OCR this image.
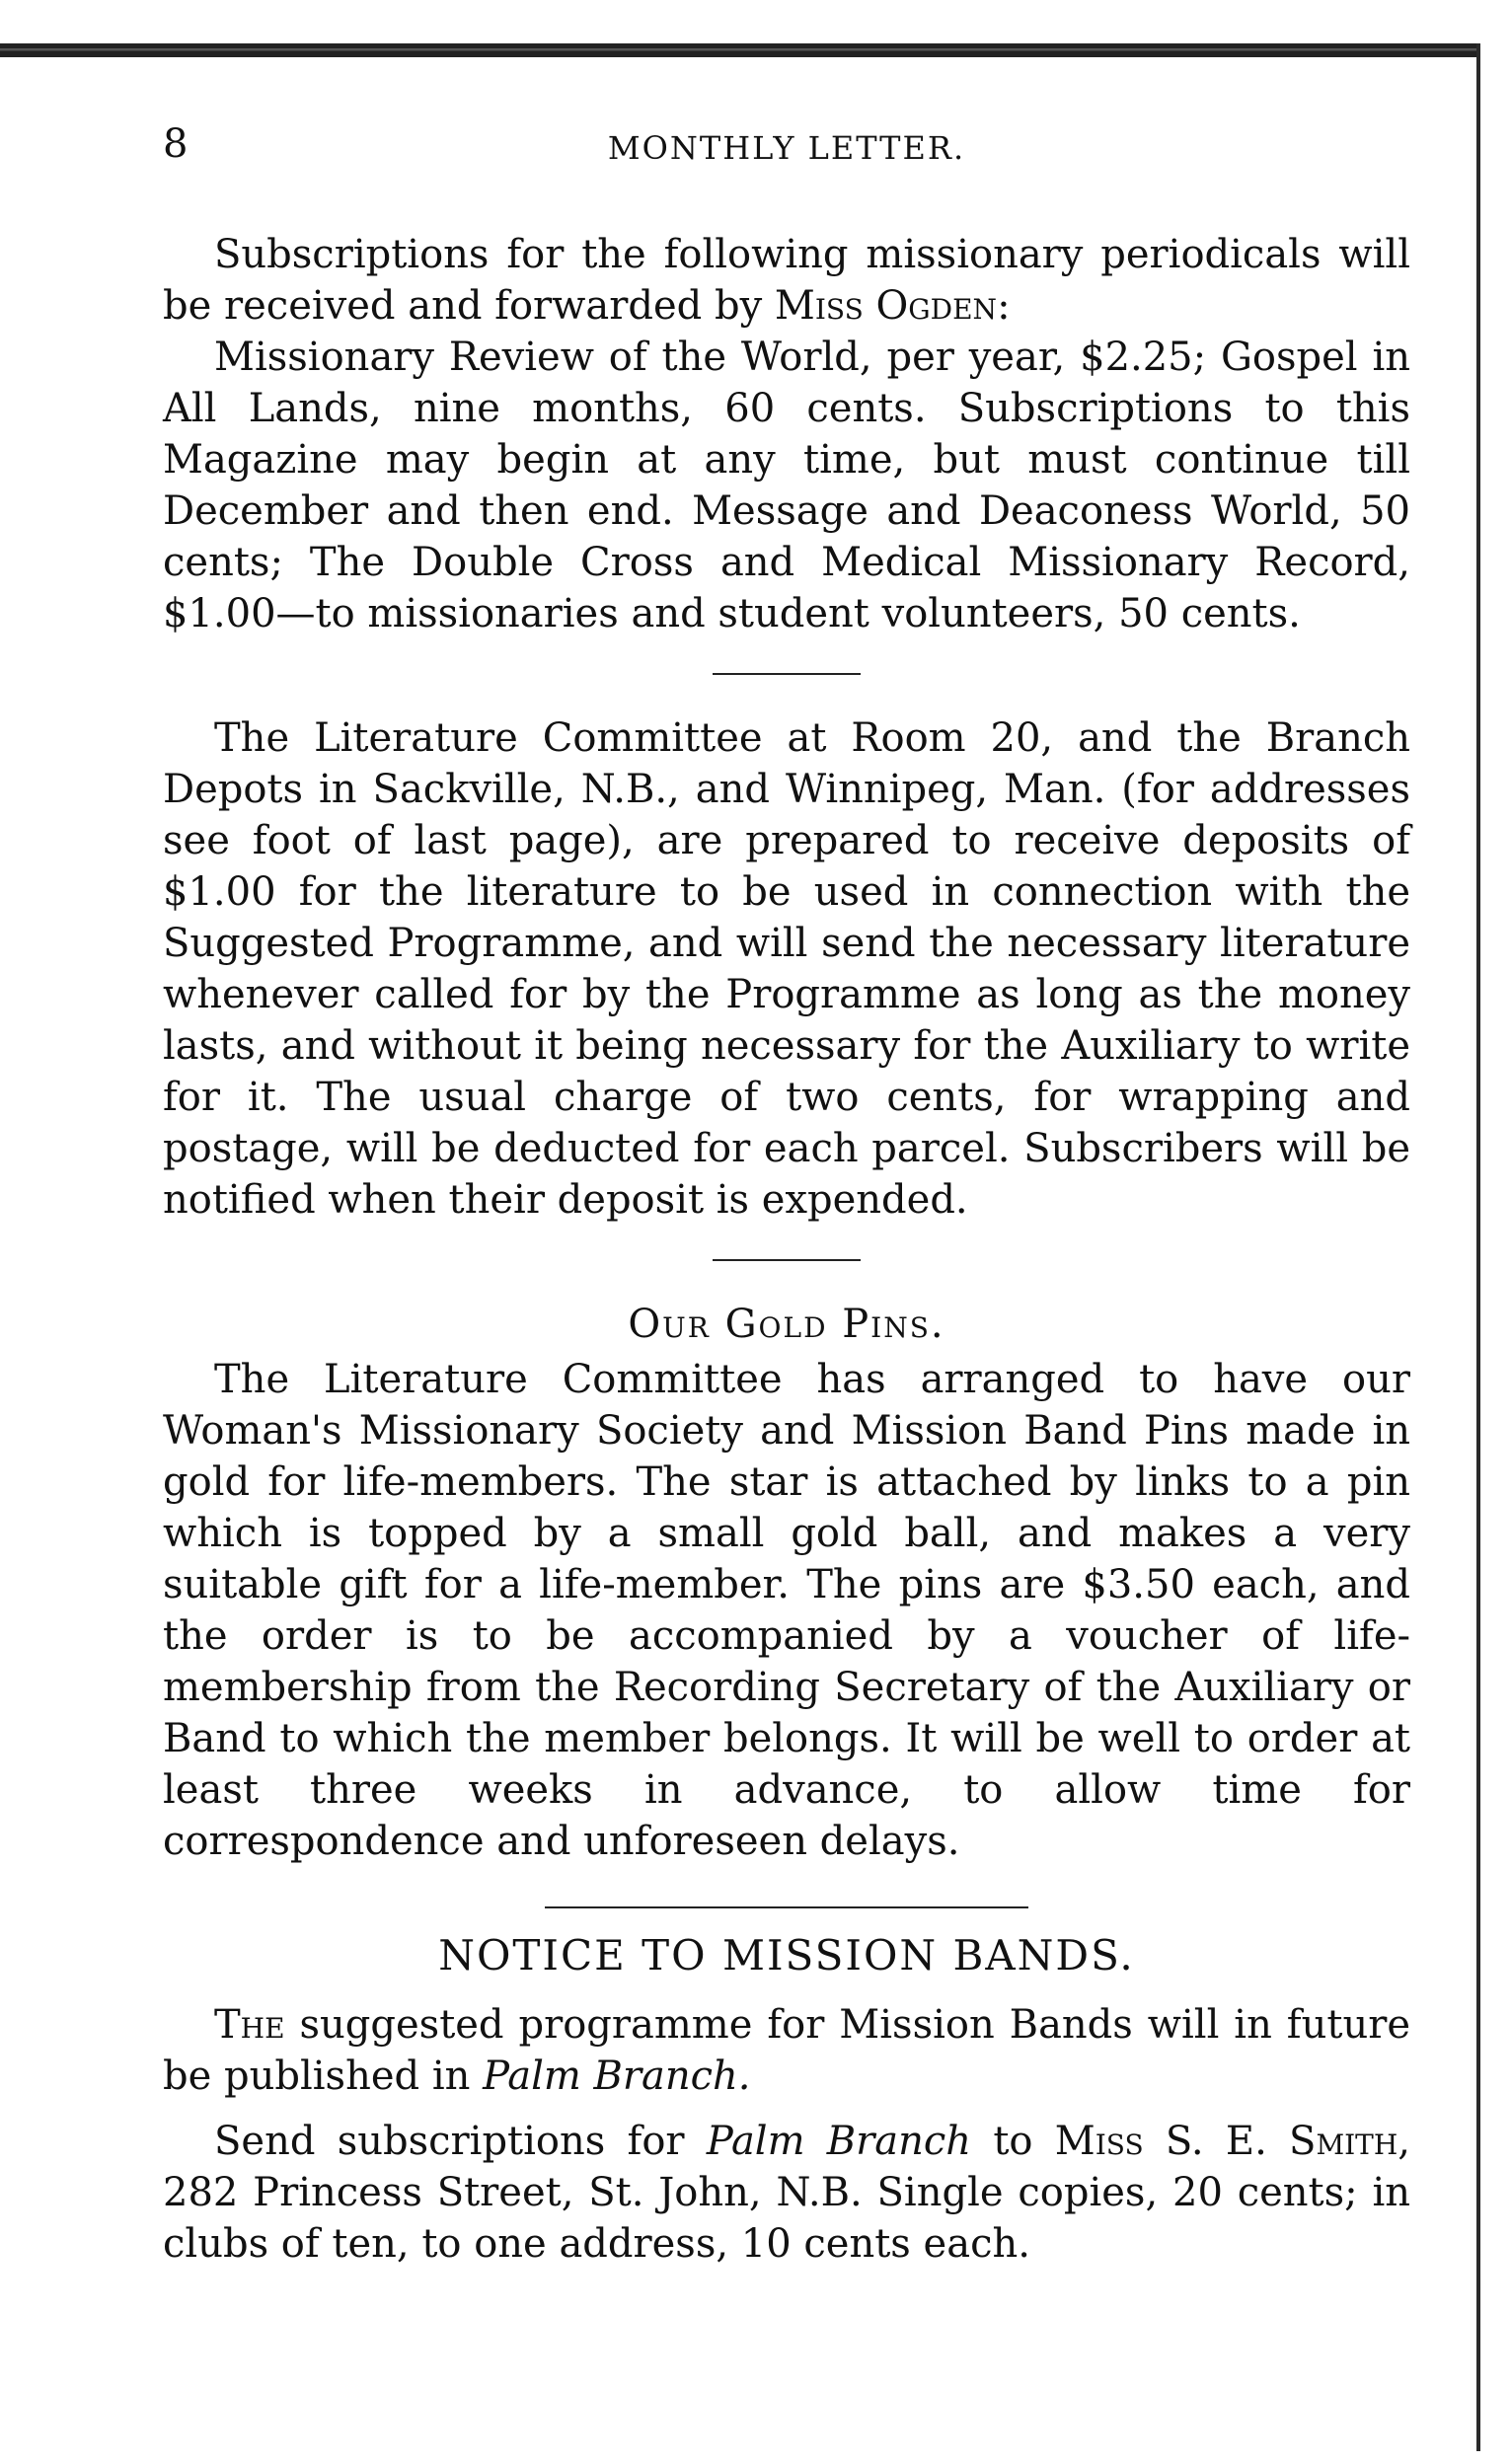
8	MONTHLY LETTER.

Subscriptions for the following missionary periodicals will be received and forwarded by Miss Ogden:

Missionary Review of the World, per year, $2.25; Gospel in All Lands, nine months, 60 cents. Subscriptions to this Magazine may begin at any time, but must continue till December and then end. Message and Deaconess World, 50 cents; The Double Cross and Medical Missionary Record, $1.00—to missionaries and student volunteers, 50 cents.

The Literature Committee at Room 20, and the Branch Depots in Sackville, N.B., and Winnipeg, Man. (for addresses see foot of last page), are prepared to receive deposits of $1.00 for the literature to be used in connection with the Suggested Programme, and will send the necessary literature whenever called for by the Programme as long as the money lasts, and without it being necessary for the Auxiliary to write for it. The usual charge of two cents, for wrapping and postage, will be deducted for each parcel. Subscribers will be notified when their deposit is expended.

Our Gold Pins.

The Literature Committee has arranged to have our Woman's Missionary Society and Mission Band Pins made in gold for life-members. The star is attached by links to a pin which is topped by a small gold ball, and makes a very suitable gift for a life-member. The pins are $3.50 each, and the order is to be accompanied by a voucher of life-membership from the Recording Secretary of the Auxiliary or Band to which the member belongs. It will be well to order at least three weeks in advance, to allow time for correspondence and unforeseen delays.

NOTICE TO MISSION BANDS.

The suggested programme for Mission Bands will in future be published in Palm Branch.

Send subscriptions for Palm Branch to Miss S. E. Smith, 282 Princess Street, St. John, N.B. Single copies, 20 cents; in clubs of ten, to one address, 10 cents each.
